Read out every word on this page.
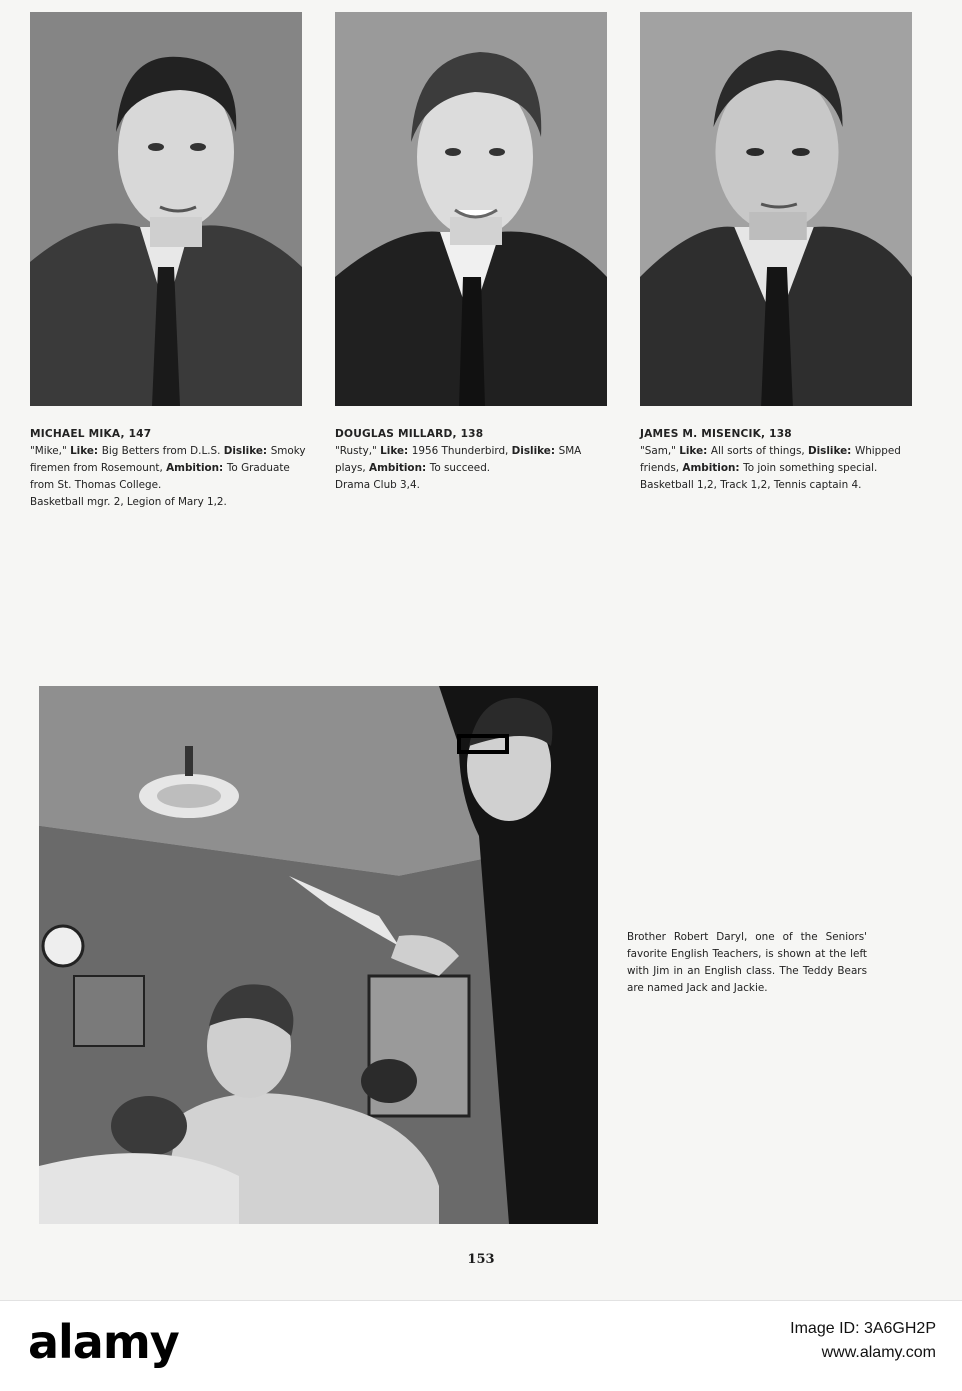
MICHAEL MIKA, 147
"Mike," Like: Big Betters from D.L.S. Dislike: Smoky firemen from Rosemount, Ambition: To Graduate from St. Thomas College.
Basketball mgr. 2, Legion of Mary 1,2.
DOUGLAS MILLARD, 138
"Rusty," Like: 1956 Thunderbird, Dislike: SMA plays, Ambition: To succeed.
Drama Club 3,4.
JAMES M. MISENCIK, 138
"Sam," Like: All sorts of things, Dislike: Whipped friends, Ambition: To join something special.
Basketball 1,2, Track 1,2, Tennis captain 4.
Brother Robert Daryl, one of the Seniors' favorite English Teachers, is shown at the left with Jim in an English class. The Teddy Bears are named Jack and Jackie.
153
alamy	Image ID: 3A6GH2P
www.alamy.com
